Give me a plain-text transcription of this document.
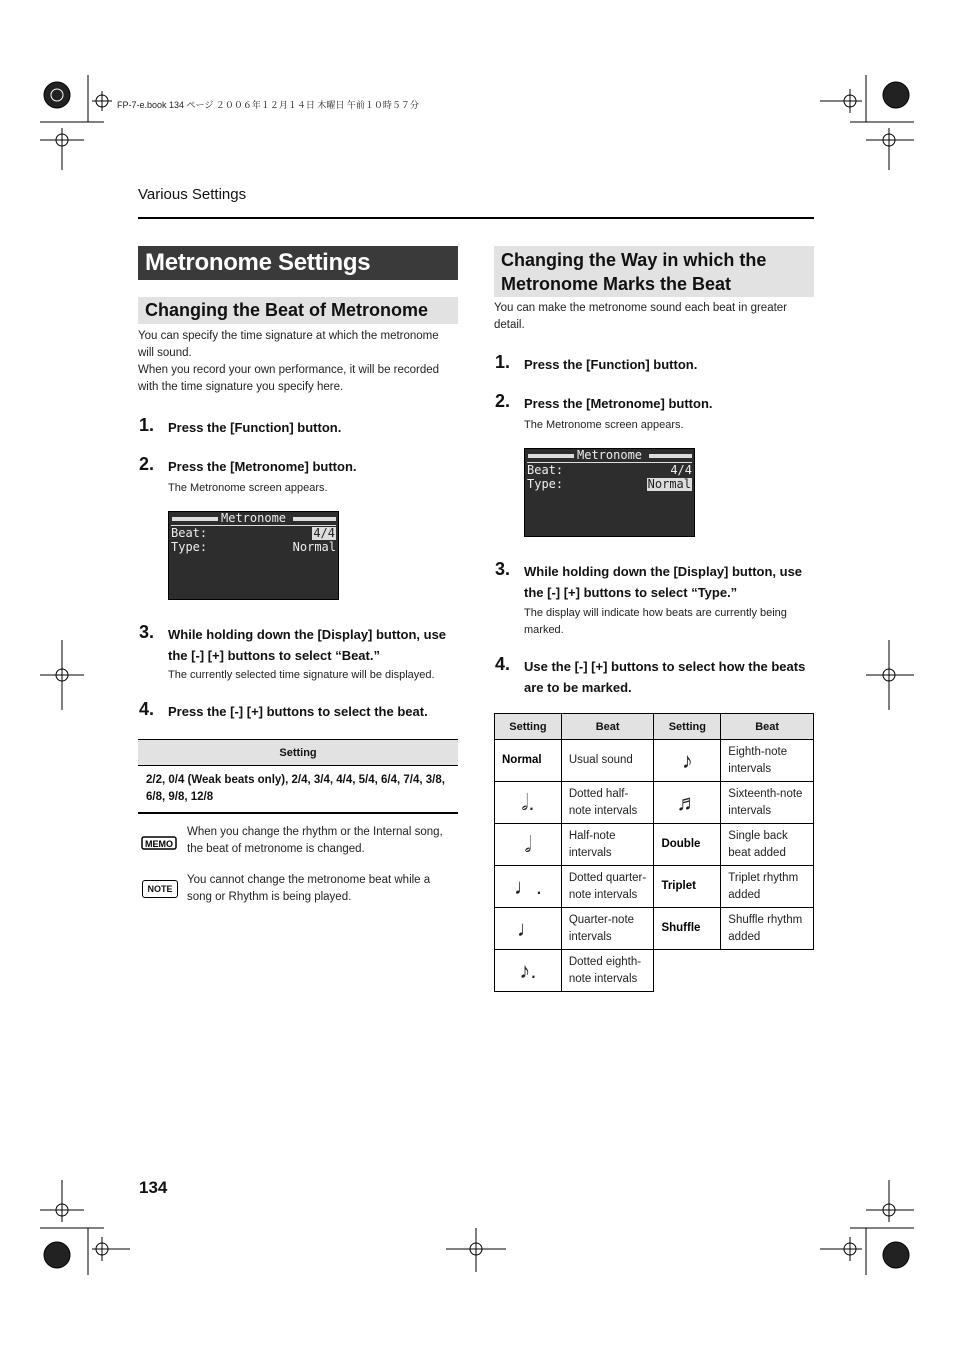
FP-7-e.book 134 ページ ２００６年１２月１４日 木曜日 午前１０時５７分
Various Settings
Metronome Settings
Changing the Beat of Metronome
You can specify the time signature at which the metronome will sound.
When you record your own performance, it will be recorded with the time signature you specify here.
1. Press the [Function] button.
2. Press the [Metronome] button.
The Metronome screen appears.
Metronome
Beat:	4/4
Type:	Normal
3. While holding down the [Display] button, use the [-] [+] buttons to select “Beat.”
The currently selected time signature will be displayed.
4. Press the [-] [+] buttons to select the beat.
Setting
2/2, 0/4 (Weak beats only), 2/4, 3/4, 4/4, 5/4, 6/4, 7/4, 3/8, 6/8, 9/8, 12/8
MEMO
When you change the rhythm or the Internal song, the beat of metronome is changed.
NOTE
You cannot change the metronome beat while a song or Rhythm is being played.
Changing the Way in which the Metronome Marks the Beat
You can make the metronome sound each beat in greater detail.
1. Press the [Function] button.
2. Press the [Metronome] button.
The Metronome screen appears.
Metronome
Beat:	4/4
Type:	Normal
3. While holding down the [Display] button, use the [-] [+] buttons to select “Type.”
The display will indicate how beats are currently being marked.
4. Use the [-] [+] buttons to select how the beats are to be marked.
Setting	Beat	Setting	Beat
Normal	Usual sound	♪	Eighth-note intervals
𝅗𝅥.	Dotted half-note intervals	♬	Sixteenth-note intervals
𝅗𝅥	Half-note intervals	Double	Single back beat added
♩.	Dotted quarter-note intervals	Triplet	Triplet rhythm added
♩	Quarter-note intervals	Shuffle	Shuffle rhythm added
♪.	Dotted eighth-note intervals		
134
